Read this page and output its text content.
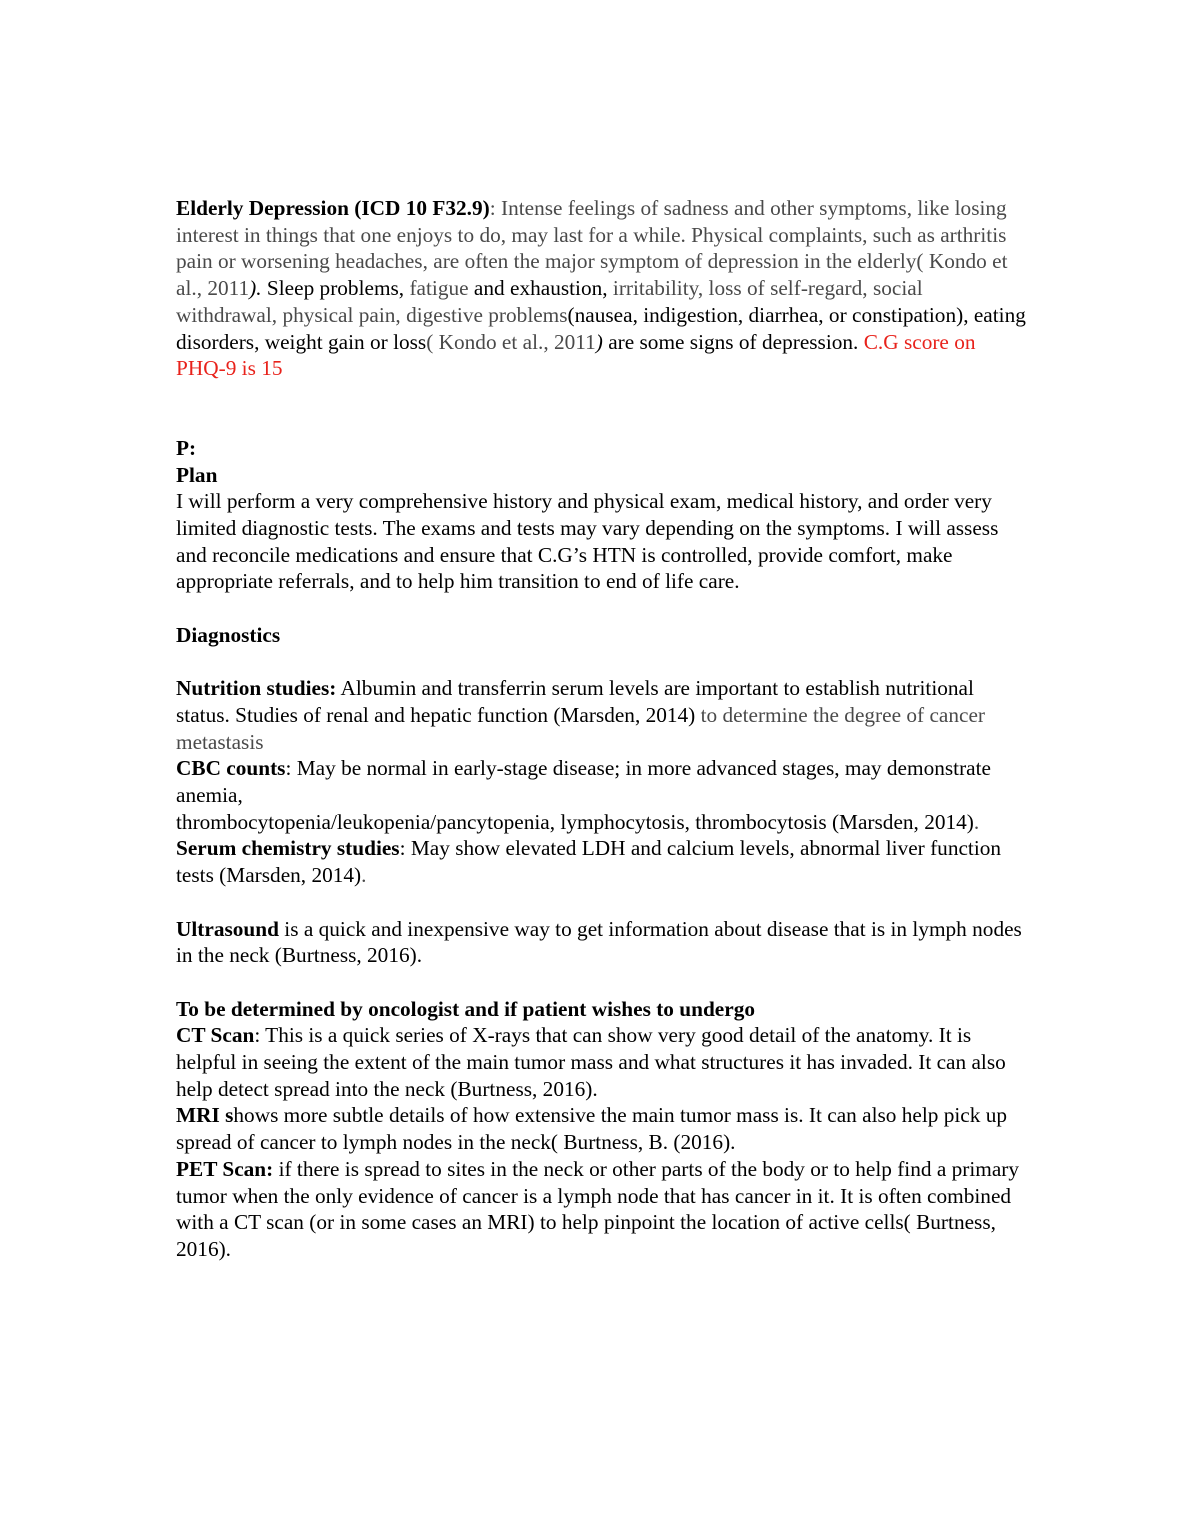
Elderly Depression (ICD 10 F32.9): Intense feelings of sadness and other symptoms, like losing interest in things that one enjoys to do, may last for a while. Physical complaints, such as arthritis pain or worsening headaches, are often the major symptom of depression in the elderly( Kondo et al., 2011). Sleep problems, fatigue and exhaustion, irritability, loss of self-regard, social withdrawal, physical pain, digestive problems(nausea, indigestion, diarrhea, or constipation), eating disorders, weight gain or loss( Kondo et al., 2011) are some signs of depression. C.G score on PHQ-9 is 15

P:

Plan

I will perform a very comprehensive history and physical exam, medical history, and order very limited diagnostic tests. The exams and tests may vary depending on the symptoms. I will assess and reconcile medications and ensure that C.G’s HTN is controlled, provide comfort, make appropriate referrals, and to help him transition to end of life care.

Diagnostics

Nutrition studies: Albumin and transferrin serum levels are important to establish nutritional status. Studies of renal and hepatic function (Marsden, 2014) to determine the degree of cancer metastasis

CBC counts: May be normal in early-stage disease; in more advanced stages, may demonstrate anemia,

thrombocytopenia/leukopenia/pancytopenia, lymphocytosis, thrombocytosis (Marsden, 2014).

Serum chemistry studies: May show elevated LDH and calcium levels, abnormal liver function tests (Marsden, 2014).

Ultrasound is a quick and inexpensive way to get information about disease that is in lymph nodes in the neck (Burtness, 2016).

To be determined by oncologist and if patient wishes to undergo

CT Scan: This is a quick series of X-rays that can show very good detail of the anatomy. It is helpful in seeing the extent of the main tumor mass and what structures it has invaded. It can also help detect spread into the neck (Burtness, 2016).

MRI shows more subtle details of how extensive the main tumor mass is. It can also help pick up spread of cancer to lymph nodes in the neck( Burtness, B. (2016).

PET Scan: if there is spread to sites in the neck or other parts of the body or to help find a primary tumor when the only evidence of cancer is a lymph node that has cancer in it. It is often combined with a CT scan (or in some cases an MRI) to help pinpoint the location of active cells( Burtness, 2016).
